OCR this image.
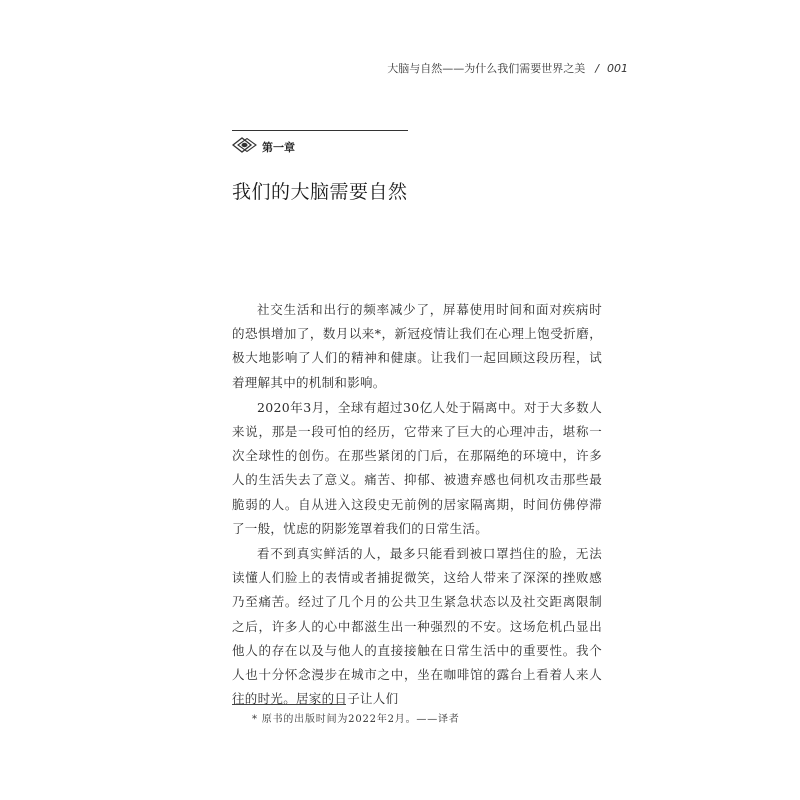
大脑与自然——为什么我们需要世界之美 / 001
第一章
我们的大脑需要自然

社交生活和出行的频率减少了，屏幕使用时间和面对疾病时的恐惧增加了，数月以来*，新冠疫情让我们在心理上饱受折磨，极大地影响了人们的精神和健康。让我们一起回顾这段历程，试着理解其中的机制和影响。

2020年3月，全球有超过30亿人处于隔离中。对于大多数人来说，那是一段可怕的经历，它带来了巨大的心理冲击，堪称一次全球性的创伤。在那些紧闭的门后，在那隔绝的环境中，许多人的生活失去了意义。痛苦、抑郁、被遗弃感也伺机攻击那些最脆弱的人。自从进入这段史无前例的居家隔离期，时间仿佛停滞了一般，忧虑的阴影笼罩着我们的日常生活。

看不到真实鲜活的人，最多只能看到被口罩挡住的脸，无法读懂人们脸上的表情或者捕捉微笑，这给人带来了深深的挫败感乃至痛苦。经过了几个月的公共卫生紧急状态以及社交距离限制之后，许多人的心中都滋生出一种强烈的不安。这场危机凸显出他人的存在以及与他人的直接接触在日常生活中的重要性。我个人也十分怀念漫步在城市之中，坐在咖啡馆的露台上看着人来人往的时光。居家的日子让人们

* 原书的出版时间为2022年2月。——译者
